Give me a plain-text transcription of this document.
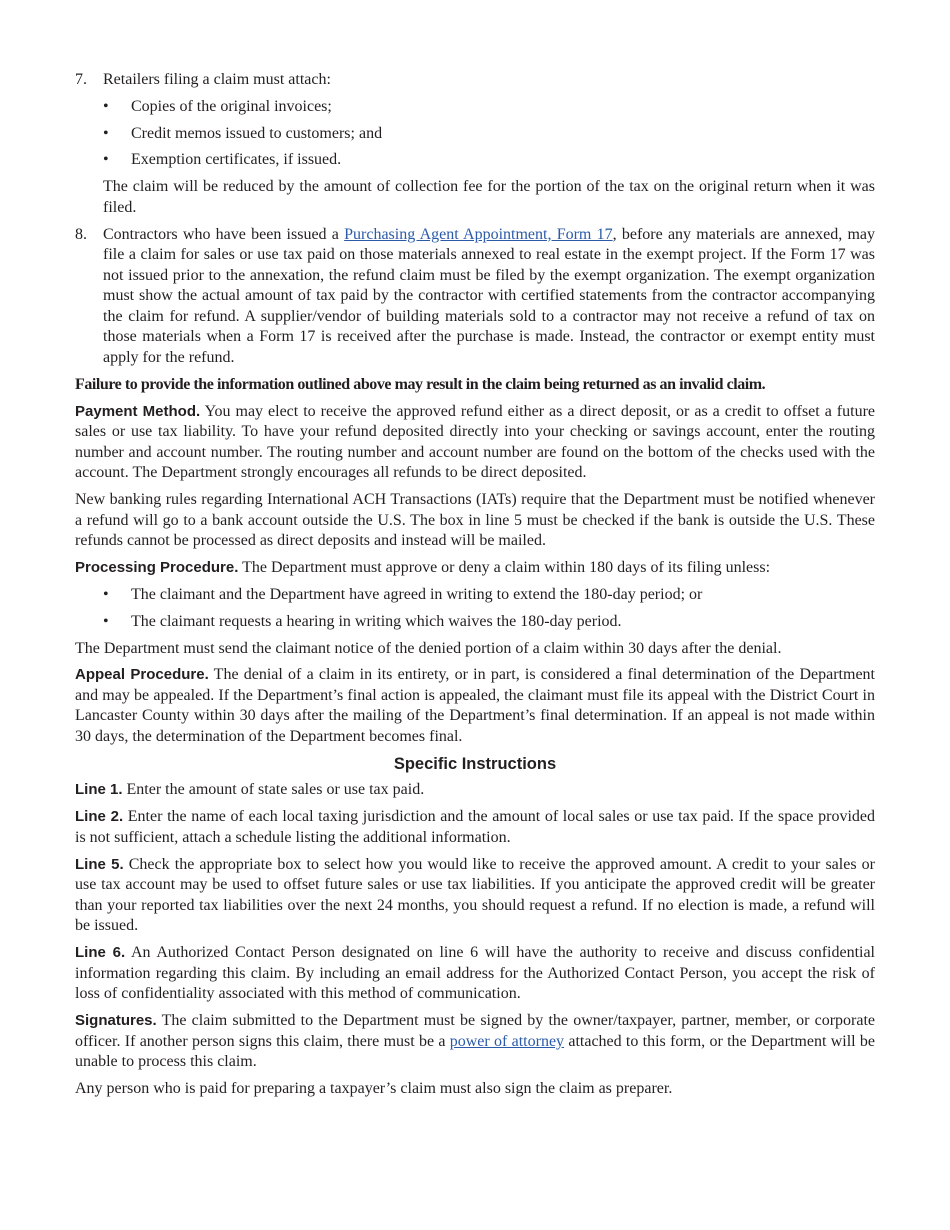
7.	Retailers filing a claim must attach:
•	Copies of the original invoices;
•	Credit memos issued to customers; and
•	Exemption certificates, if issued.

The claim will be reduced by the amount of collection fee for the portion of the tax on the original return when it was filed.

8.	Contractors who have been issued a Purchasing Agent Appointment, Form 17, before any materials are annexed, may file a claim for sales or use tax paid on those materials annexed to real estate in the exempt project. If the Form 17 was not issued prior to the annexation, the refund claim must be filed by the exempt organization. The exempt organization must show the actual amount of tax paid by the contractor with certified statements from the contractor accompanying the claim for refund. A supplier/vendor of building materials sold to a contractor may not receive a refund of tax on those materials when a Form 17 is received after the purchase is made. Instead, the contractor or exempt entity must apply for the refund.

Failure to provide the information outlined above may result in the claim being returned as an invalid claim.

Payment Method. You may elect to receive the approved refund either as a direct deposit, or as a credit to offset a future sales or use tax liability. To have your refund deposited directly into your checking or savings account, enter the routing number and account number. The routing number and account number are found on the bottom of the checks used with the account. The Department strongly encourages all refunds to be direct deposited.

New banking rules regarding International ACH Transactions (IATs) require that the Department must be notified whenever a refund will go to a bank account outside the U.S. The box in line 5 must be checked if the bank is outside the U.S. These refunds cannot be processed as direct deposits and instead will be mailed.

Processing Procedure. The Department must approve or deny a claim within 180 days of its filing unless:

•	The claimant and the Department have agreed in writing to extend the 180-day period; or
•	The claimant requests a hearing in writing which waives the 180-day period.

The Department must send the claimant notice of the denied portion of a claim within 30 days after the denial.

Appeal Procedure. The denial of a claim in its entirety, or in part, is considered a final determination of the Department and may be appealed. If the Department’s final action is appealed, the claimant must file its appeal with the District Court in Lancaster County within 30 days after the mailing of the Department’s final determination. If an appeal is not made within 30 days, the determination of the Department becomes final.

Specific Instructions

Line 1. Enter the amount of state sales or use tax paid.

Line 2. Enter the name of each local taxing jurisdiction and the amount of local sales or use tax paid. If the space provided is not sufficient, attach a schedule listing the additional information.

Line 5. Check the appropriate box to select how you would like to receive the approved amount. A credit to your sales or use tax account may be used to offset future sales or use tax liabilities. If you anticipate the approved credit will be greater than your reported tax liabilities over the next 24 months, you should request a refund. If no election is made, a refund will be issued.

Line 6. An Authorized Contact Person designated on line 6 will have the authority to receive and discuss confidential information regarding this claim. By including an email address for the Authorized Contact Person, you accept the risk of loss of confidentiality associated with this method of communication.

Signatures. The claim submitted to the Department must be signed by the owner/taxpayer, partner, member, or corporate officer. If another person signs this claim, there must be a power of attorney attached to this form, or the Department will be unable to process this claim.

Any person who is paid for preparing a taxpayer’s claim must also sign the claim as preparer.
